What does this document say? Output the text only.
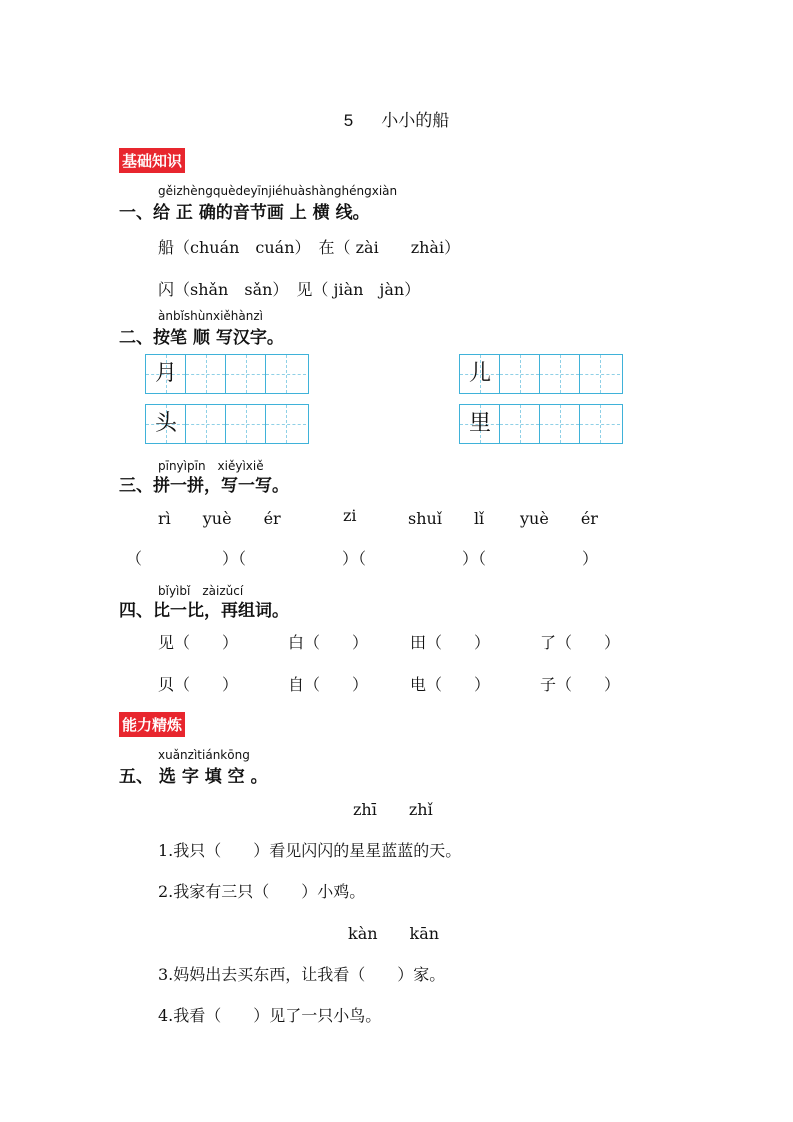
5 小小的船
基础知识
gěizhèngquèdeyīnjiéhuàshànghéngxiàn
一、给 正 确的音节画 上 横 线。
船（chuán　cuán）　在（ zài　　zhài）
闪（shǎn　sǎn）　见（ jiàn　jàn）
ànbǐshùnxiěhànzì
二、按笔 顺 写汉字。
月	儿
头	里
pīnyìpīn　xiěyìxiě
三、拼一拼，写一写。
rì　　yuè　　ér	zi	shuǐ　　lǐ yuè　　ér
（　　　　　）（　　　　　　）（　　　　　　）（　　　　　　）
bǐyìbǐ　zàizǔcí
四、比一比，再组词。
见（　　）	白（　　）	田（　　）	了（　　）
贝（　　）	自（　　）	电（　　）	子（　　）
能力精炼
xuǎnzìtiánkōng
五、 选 字 填 空 。
zhī　　zhǐ
1.我只（　　）看见闪闪的星星蓝蓝的天。
2.我家有三只（　　）小鸡。
kàn　　kān
3.妈妈出去买东西，让我看（　　）家。
4.我看（　　）见了一只小鸟。
